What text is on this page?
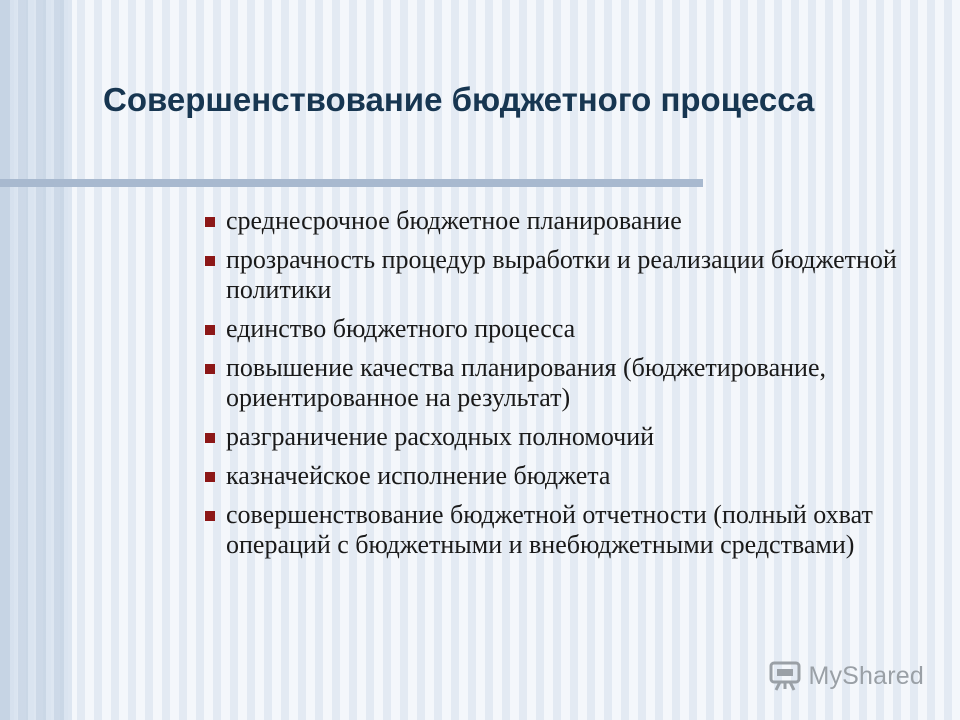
Совершенствование бюджетного процесса
среднесрочное бюджетное планирование
прозрачность процедур выработки и реализации бюджетной политики
единство бюджетного процесса
повышение качества планирования (бюджетирование, ориентированное на результат)
разграничение расходных полномочий
казначейское исполнение бюджета
совершенствование бюджетной отчетности (полный охват операций с бюджетными и внебюджетными средствами)
MyShared
